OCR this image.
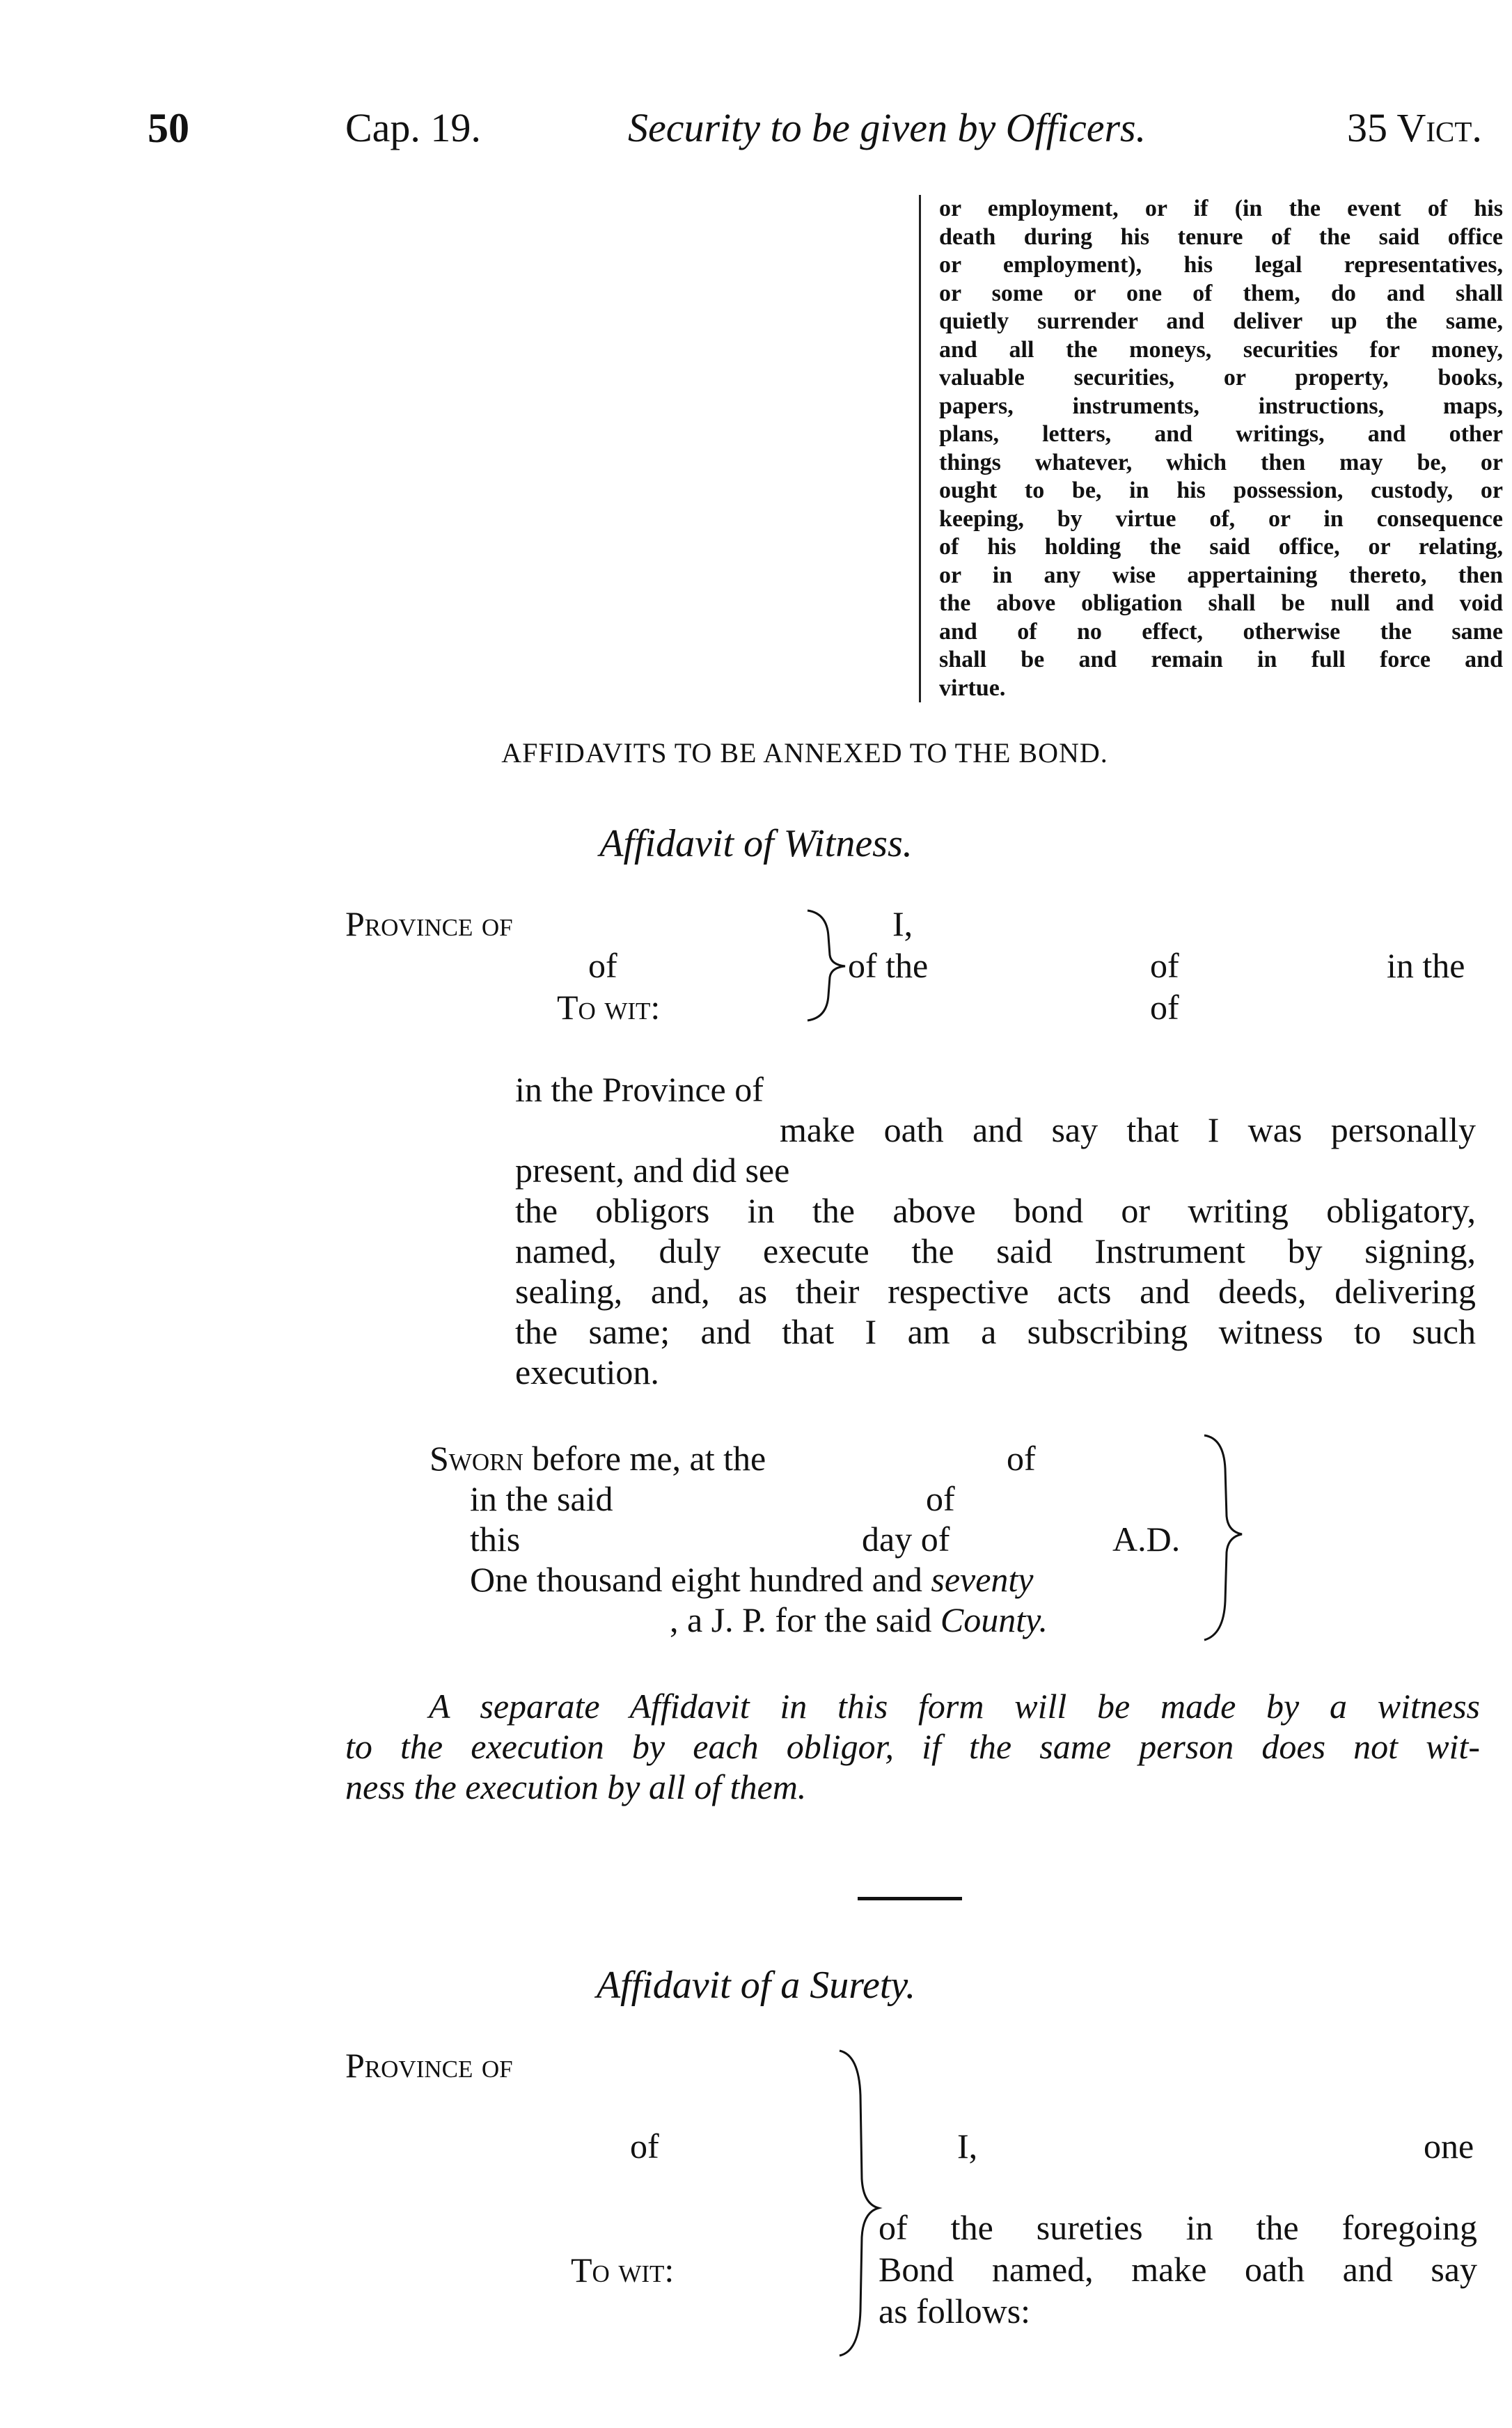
50	Cap. 19.	Security to be given by Officers.	35 Vict.
or employment, or if (in the event of his
death during his tenure of the said office
or employment), his legal representatives,
or some or one of them, do and shall
quietly surrender and deliver up the same,
and all the moneys, securities for money,
valuable securities, or property, books,
papers, instruments, instructions, maps,
plans, letters, and writings, and other
things whatever, which then may be, or
ought to be, in his possession, custody, or
keeping, by virtue of, or in consequence
of his holding the said office, or relating,
or in any wise appertaining thereto, then
the above obligation shall be null and void
and of no effect, otherwise the same
shall be and remain in full force and
virtue.
AFFIDAVITS TO BE ANNEXED TO THE BOND.
Affidavit of Witness.
Province of
of
To wit:
I,
of the	of	in the
of
in the Province of
make oath and say that I was personally
present, and did see
the obligors in the above bond or writing obligatory,
named, duly execute the said Instrument by signing,
sealing, and, as their respective acts and deeds, delivering
the same; and that I am a subscribing witness to such
execution.
Sworn before me, at the	of
in the said	of
this	day of	A.D.
One thousand eight hundred and seventy
, a J. P. for the said County.
A separate Affidavit in this form will be made by a witness
to the execution by each obligor, if the same person does not wit-
ness the execution by all of them.
Affidavit of a Surety.
Province of
of
To wit:
I,	one
of the sureties in the foregoing
Bond named, make oath and say
as follows:
